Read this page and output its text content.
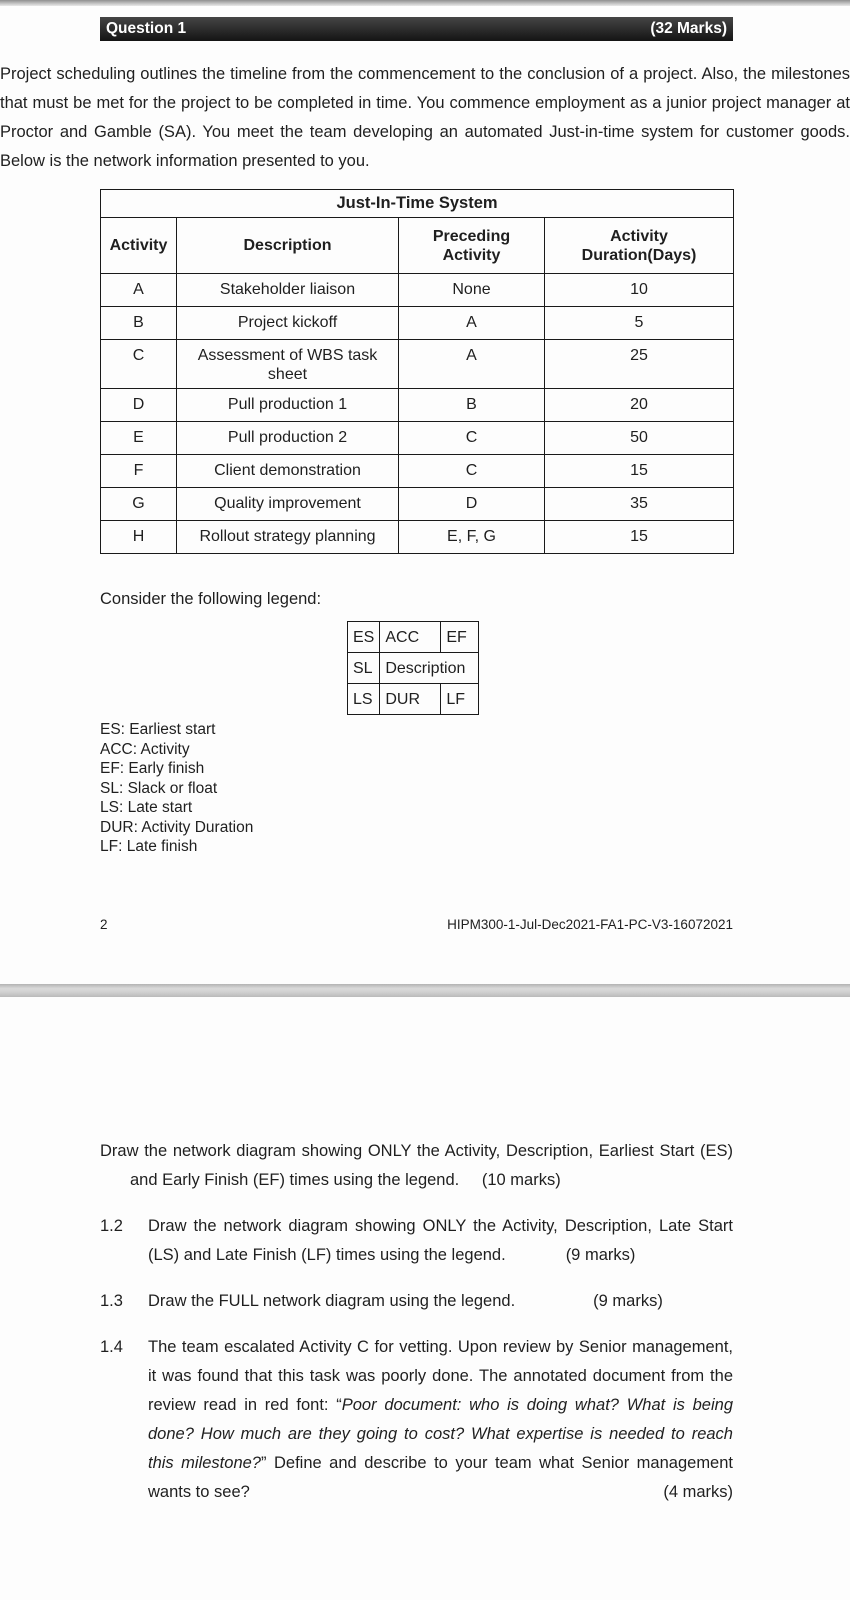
Question 1	(32 Marks)

Project scheduling outlines the timeline from the commencement to the conclusion of a project. Also, the milestones that must be met for the project to be completed in time. You commence employment as a junior project manager at Proctor and Gamble (SA). You meet the team developing an automated Just-in-time system for customer goods. Below is the network information presented to you.

Just-In-Time System			
Activity	Description	Preceding Activity	Activity Duration(Days)
A	Stakeholder liaison	None	10
B	Project kickoff	A	5
C	Assessment of WBS task sheet	A	25
D	Pull production 1	B	20
E	Pull production 2	C	50
F	Client demonstration	C	15
G	Quality improvement	D	35
H	Rollout strategy planning	E, F, G	15
Consider the following legend:
ES	ACC	EF
SL	Description	
LS	DUR	LF
ES: Earliest start
ACC: Activity
EF: Early finish
SL: Slack or float
LS: Late start
DUR: Activity Duration
LF: Late finish
2	HIPM300-1-Jul-Dec2021-FA1-PC-V3-16072021
Draw the network diagram showing ONLY the Activity, Description, Earliest Start (ES) and Early Finish (EF) times using the legend. (10 marks)
1.2	Draw the network diagram showing ONLY the Activity, Description, Late Start (LS) and Late Finish (LF) times using the legend.	(9 marks)
1.3	Draw the FULL network diagram using the legend.	(9 marks)
1.4	The team escalated Activity C for vetting. Upon review by Senior management, it was found that this task was poorly done. The annotated document from the review read in red font: “Poor document: who is doing what? What is being done? How much are they going to cost? What expertise is needed to reach this milestone?” Define and describe to your team what Senior management wants to see?	(4 marks)
